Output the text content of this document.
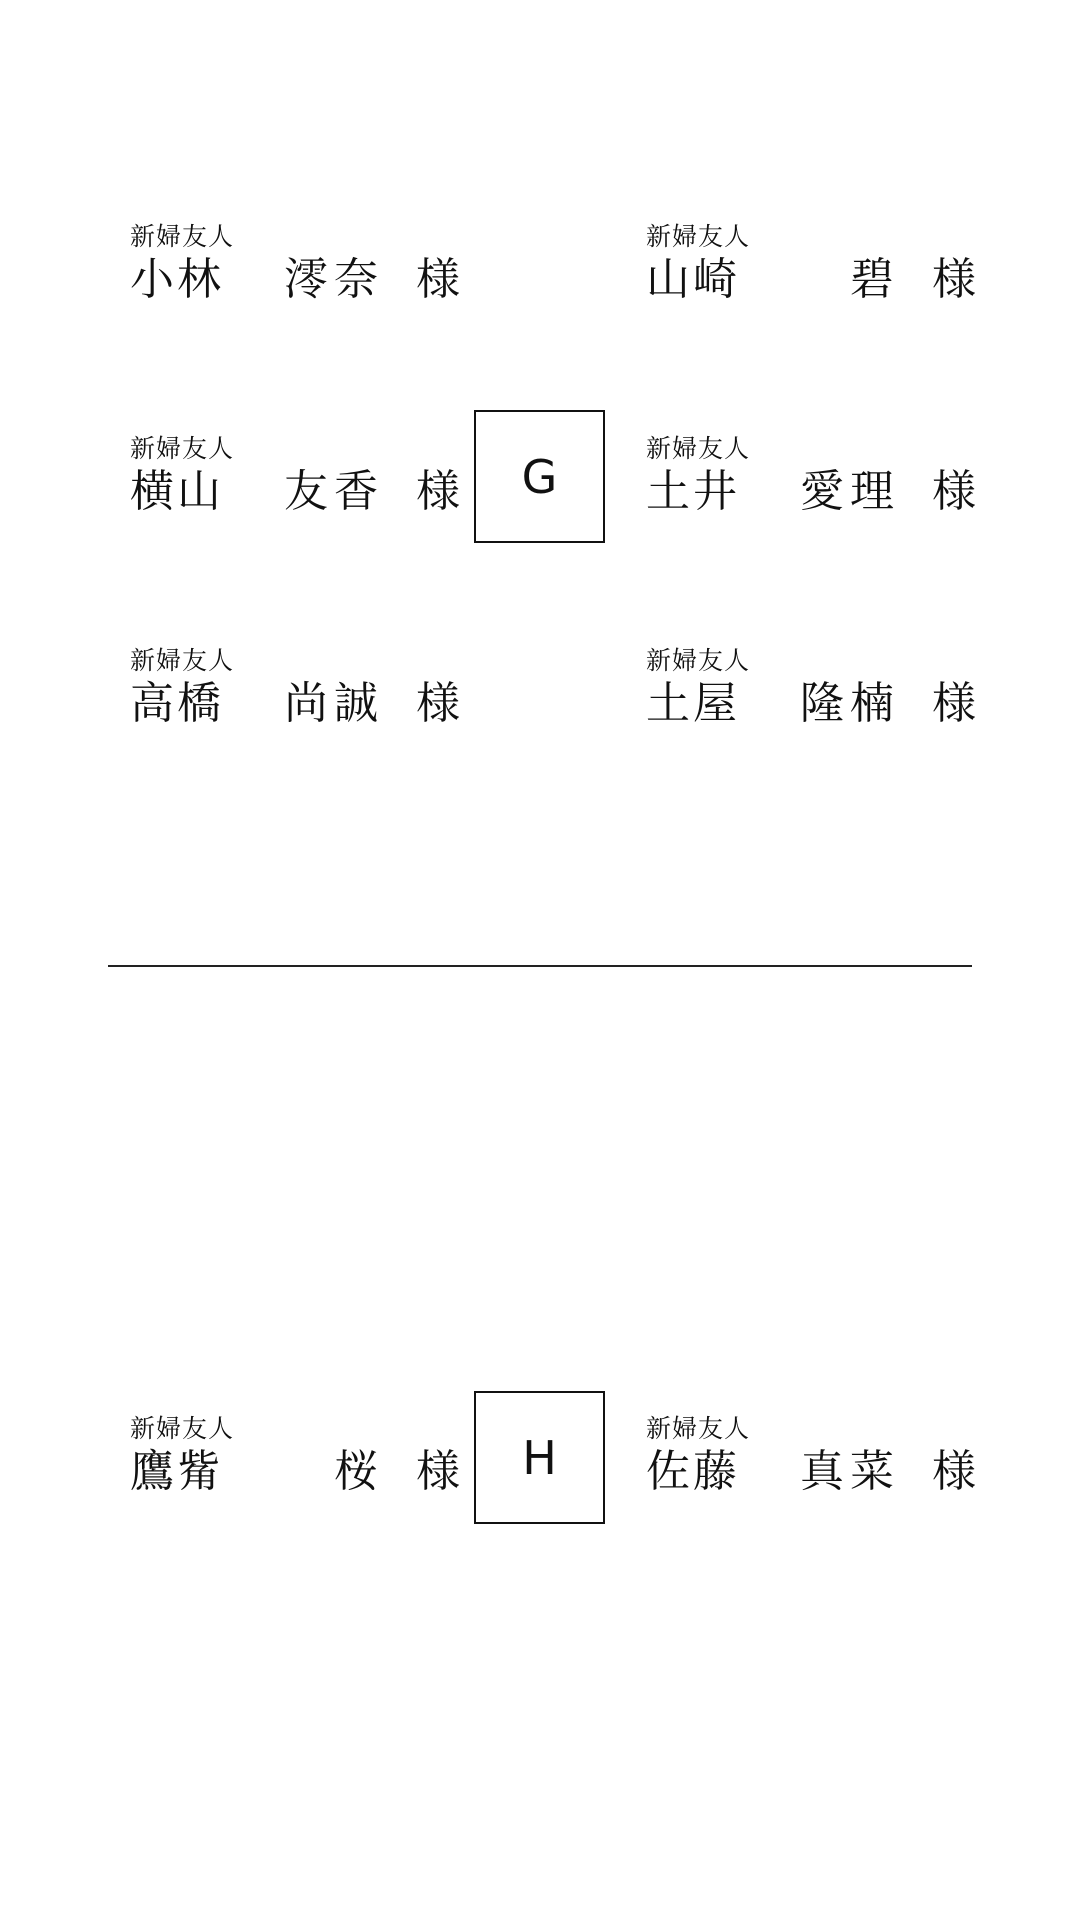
新婦友人
小林 澪奈 様
新婦友人
横山 友香 様
新婦友人
高橋 尚誠 様
G
新婦友人
山崎	碧 様
新婦友人
土井 愛理 様
新婦友人
土屋 隆楠 様
新婦友人
鷹觜	桜 様	H
新婦友人
佐藤 真菜 様
